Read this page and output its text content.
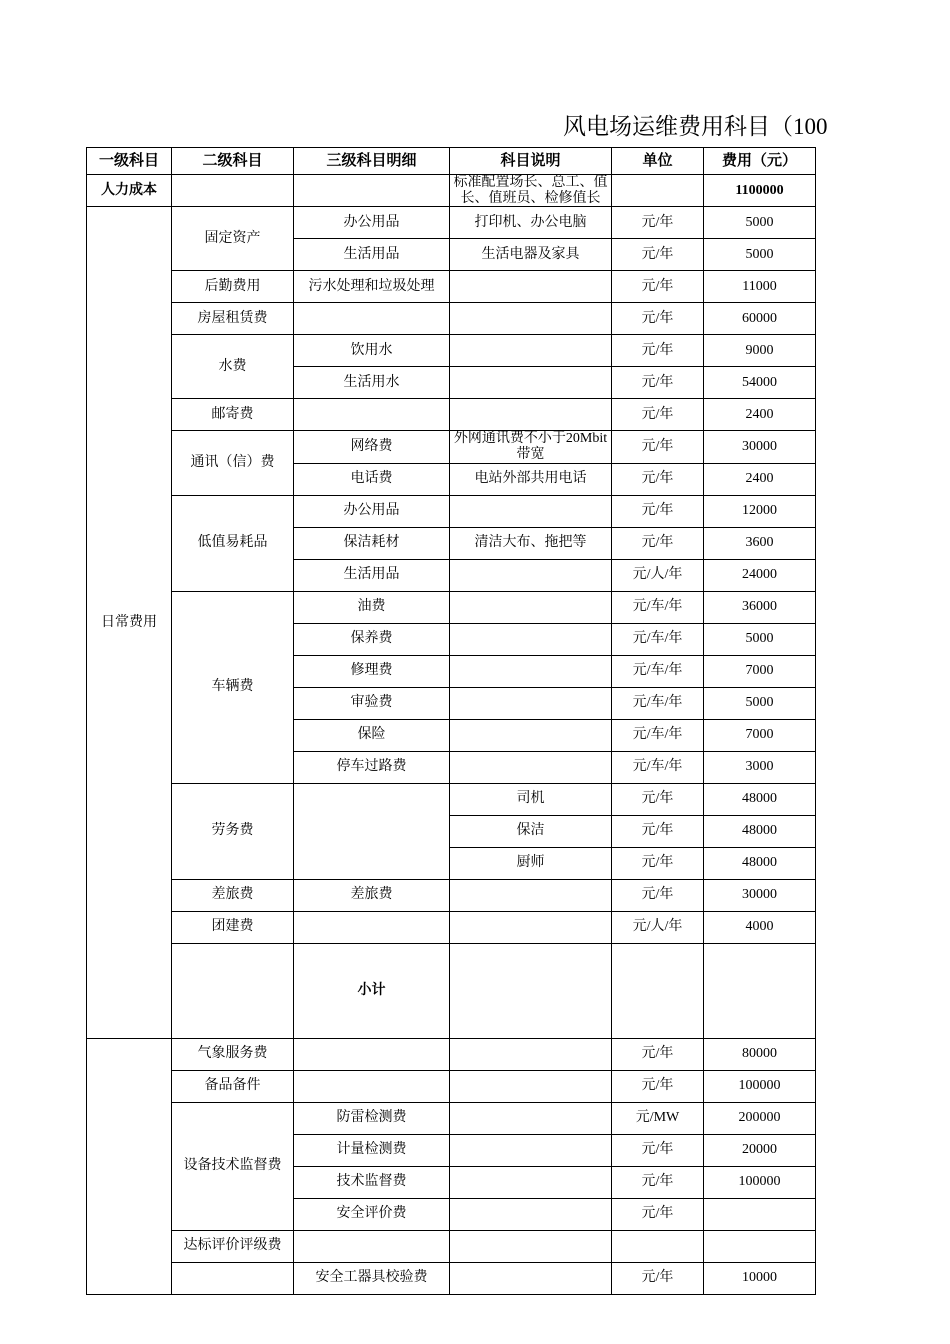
风电场运维费用科目（100
一级科目	二级科目	三级科目明细	科目说明	单位	费用（元）	
人力成本			标准配置场长、总工、值长、值班员、检修值长		1100000	
日常费用	固定资产	办公用品	打印机、办公电脑	元/年	5000	
		生活用品	生活电器及家具	元/年	5000	
	后勤费用	污水处理和垃圾处理		元/年	11000	
	房屋租赁费			元/年	60000	
	水费	饮用水		元/年	9000	
		生活用水		元/年	54000	
	邮寄费			元/年	2400	
	通讯（信）费	网络费	外网通讯费不小于20Mbit带宽	元/年	30000	
		电话费	电站外部共用电话	元/年	2400	
	低值易耗品	办公用品		元/年	12000	
		保洁耗材	清洁大布、拖把等	元/年	3600	
		生活用品		元/人/年	24000	
	车辆费	油费		元/车/年	36000	
		保养费		元/车/年	5000	
		修理费		元/车/年	7000	
		审验费		元/车/年	5000	
		保险		元/车/年	7000	
		停车过路费		元/车/年	3000	
	劳务费		司机	元/年	48000	
			保洁	元/年	48000	
			厨师	元/年	48000	
	差旅费	差旅费		元/年	30000	
	团建费			元/人/年	4000	
		小计				
	气象服务费			元/年	80000	
	备品备件			元/年	100000	
	设备技术监督费	防雷检测费		元/MW	200000	
		计量检测费		元/年	20000	
		技术监督费		元/年	100000	
		安全评价费		元/年		
	达标评价评级费					
		安全工器具校验费		元/年	10000	
